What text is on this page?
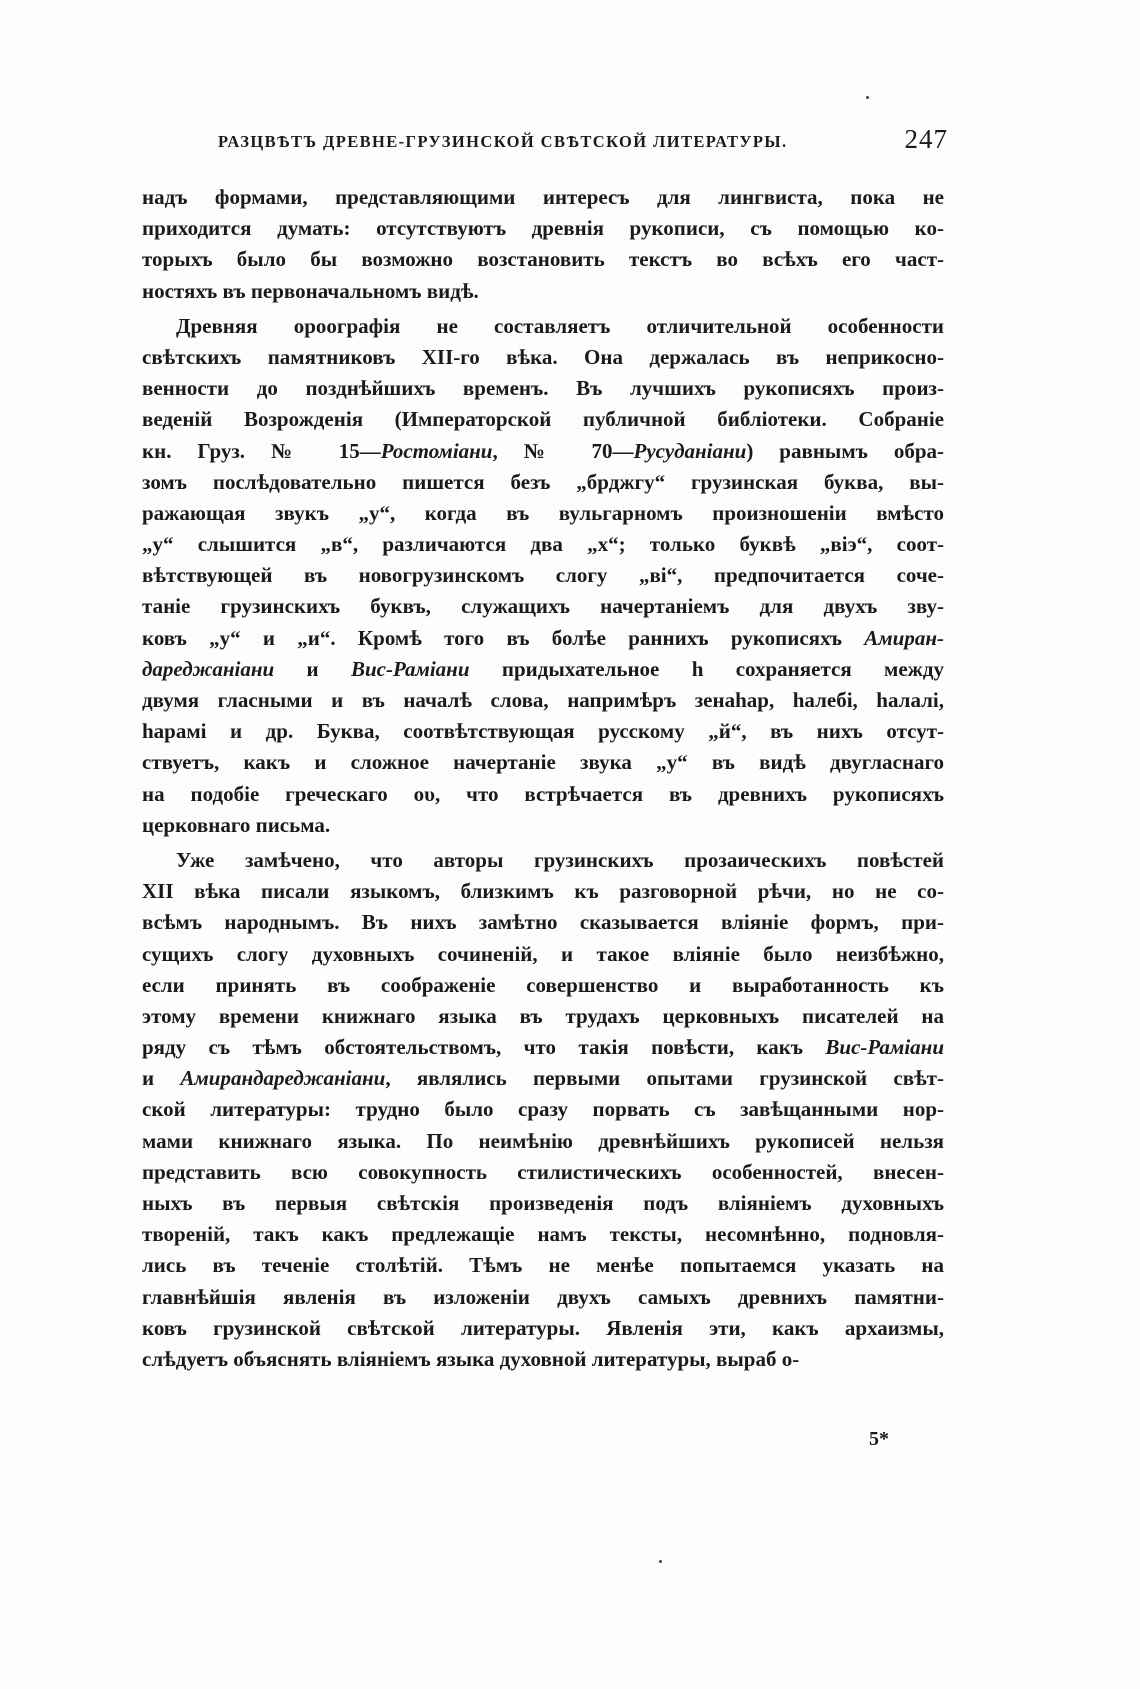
РАЗЦВѢТЪ ДРЕВНЕ-ГРУЗИНСКОЙ СВѢТСКОЙ ЛИТЕРАТУРЫ.	247
надъ формами, представляющими интересъ для лингвиста, пока не
приходится думать: отсутствуютъ древнія рукописи, съ помощью ко-
торыхъ было бы возможно возстановить текстъ во всѣхъ его част-
ностяхъ въ первоначальномъ видѣ.
Древняя ороографія не составляетъ отличительной особенности
свѣтскихъ памятниковъ XII-го вѣка. Она держалась въ неприкосно-
венности до позднѣйшихъ временъ. Въ лучшихъ рукописяхъ произ-
веденій Возрожденія (Императорской публичной библіотеки. Собраніе
кн. Груз. № 15—Ростоміани, № 70—Русуданіани) равнымъ обра-
зомъ послѣдовательно пишется безъ „брджгу“ грузинская буква, вы-
ражающая звукъ „у“, когда въ вульгарномъ произношеніи вмѣсто
„у“ слышится „в“, различаются два „х“; только буквѣ „віэ“, соот-
вѣтствующей въ новогрузинскомъ слогу „ві“, предпочитается соче-
таніе грузинскихъ буквъ, служащихъ начертаніемъ для двухъ зву-
ковъ „у“ и „и“. Кромѣ того въ болѣе раннихъ рукописяхъ Амиран-
дареджаніани и Вис-Раміани придыхательное һ сохраняется между
двумя гласными и въ началѣ слова, напримѣръ зенаһар, һалебі, һалалі,
һарамі и др. Буква, соотвѣтствующая русскому „й“, въ нихъ отсут-
ствуетъ, какъ и сложное начертаніе звука „у“ въ видѣ двугласнаго
на подобіе греческаго ου, что встрѣчается въ древнихъ рукописяхъ
церковнаго письма.
Уже замѣчено, что авторы грузинскихъ прозаическихъ повѣстей
XII вѣка писали языкомъ, близкимъ къ разговорной рѣчи, но не со-
всѣмъ народнымъ. Въ нихъ замѣтно сказывается вліяніе формъ, при-
сущихъ слогу духовныхъ сочиненій, и такое вліяніе было неизбѣжно,
если принять въ соображеніе совершенство и выработанность къ
этому времени книжнаго языка въ трудахъ церковныхъ писателей на
ряду съ тѣмъ обстоятельствомъ, что такія повѣсти, какъ Вис-Раміани
и Амирандареджаніани, являлись первыми опытами грузинской свѣт-
ской литературы: трудно было сразу порвать съ завѣщанными нор-
мами книжнаго языка. По неимѣнію древнѣйшихъ рукописей нельзя
представить всю совокупность стилистическихъ особенностей, внесен-
ныхъ въ первыя свѣтскія произведенія подъ вліяніемъ духовныхъ
твореній, такъ какъ предлежащіе намъ тексты, несомнѣнно, подновля-
лись въ теченіе столѣтій. Тѣмъ не менѣе попытаемся указать на
главнѣйшія явленія въ изложеніи двухъ самыхъ древнихъ памятни-
ковъ грузинской свѣтской литературы. Явленія эти, какъ архаизмы,
слѣдуетъ объяснять вліяніемъ языка духовной литературы, выраб о-
5*
